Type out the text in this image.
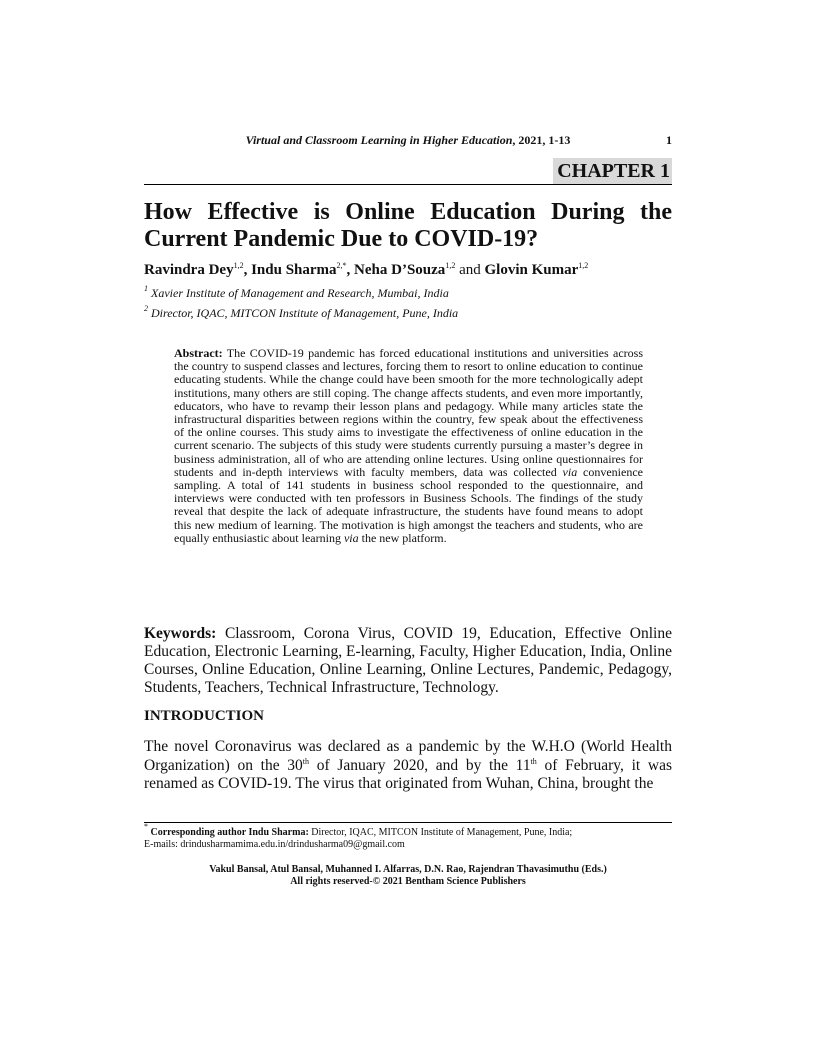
Virtual and Classroom Learning in Higher Education, 2021, 1-13	1
CHAPTER 1
How Effective is Online Education During the Current Pandemic Due to COVID-19?
Ravindra Dey$^{1,2}$, Indu Sharma$^{2,*}$, Neha D’Souza$^{1,2}$ and Glovin Kumar$^{1,2}$
$^1$ Xavier Institute of Management and Research, Mumbai, India
$^2$ Director, IQAC, MITCON Institute of Management, Pune, India

Abstract: The COVID-19 pandemic has forced educational institutions and universities across the country to suspend classes and lectures, forcing them to resort to online education to continue educating students. While the change could have been smooth for the more technologically adept institutions, many others are still coping. The change affects students, and even more importantly, educators, who have to revamp their lesson plans and pedagogy. While many articles state the infrastructural disparities between regions within the country, few speak about the effectiveness of the online courses. This study aims to investigate the effectiveness of online education in the current scenario. The subjects of this study were students currently pursuing a master’s degree in business administration, all of who are attending online lectures. Using online questionnaires for students and in-depth interviews with faculty members, data was collected via convenience sampling. A total of 141 students in business school responded to the questionnaire, and interviews were conducted with ten professors in Business Schools. The findings of the study reveal that despite the lack of adequate infrastructure, the students have found means to adopt this new medium of learning. The motivation is high amongst the teachers and students, who are equally enthusiastic about learning via the new platform.

Keywords: Classroom, Corona Virus, COVID 19, Education, Effective Online Education, Electronic Learning, E-learning, Faculty, Higher Education, India, Online Courses, Online Education, Online Learning, Online Lectures, Pandemic, Pedagogy, Students, Teachers, Technical Infrastructure, Technology.

INTRODUCTION

The novel Coronavirus was declared as a pandemic by the W.H.O (World Health Organization) on the 30th of January 2020, and by the 11th of February, it was renamed as COVID-19. The virus that originated from Wuhan, China, brought the

* Corresponding author Indu Sharma: Director, IQAC, MITCON Institute of Management, Pune, India;
E-mails: drindusharmamima.edu.in/drindusharma09@gmail.com
Vakul Bansal, Atul Bansal, Muhanned I. Alfarras, D.N. Rao, Rajendran Thavasimuthu (Eds.)
All rights reserved-© 2021 Bentham Science Publishers
